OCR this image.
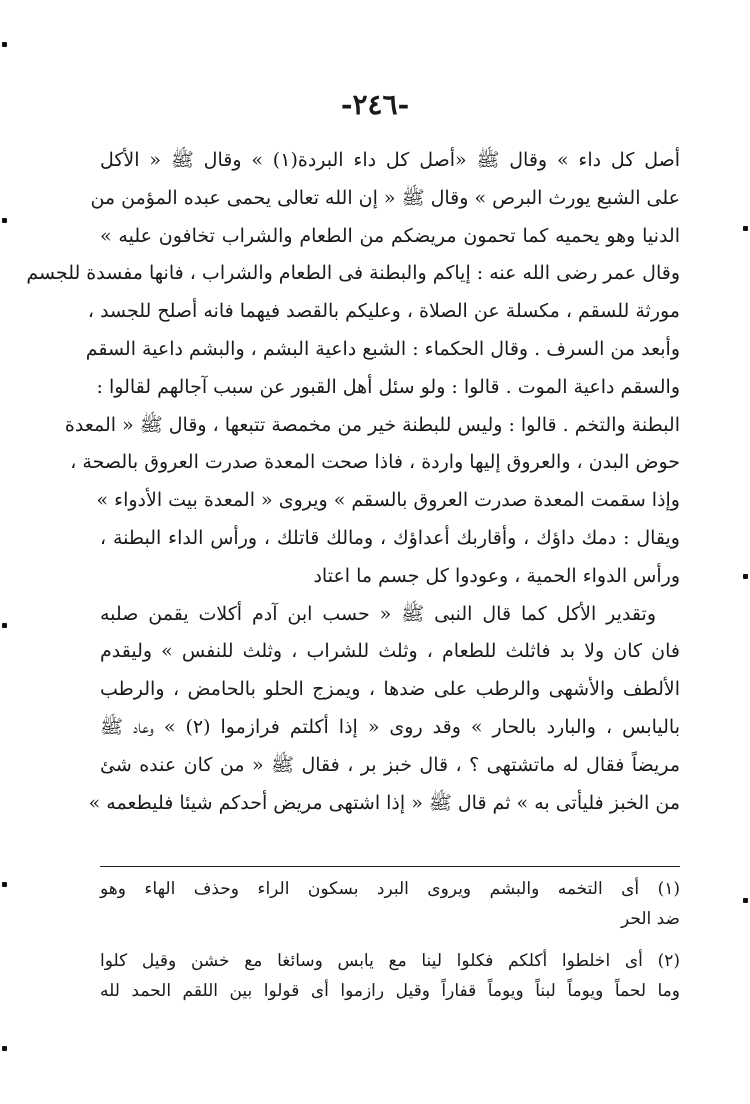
-٢٤٦-
أصل كل داء » وقال ﷺ «أصل كل داء البردة(١) » وقال ﷺ « الأكل
على الشبع يورث البرص » وقال ﷺ « إن الله تعالى يحمى عبده المؤمن من
الدنيا وهو يحميه كما تحمون مريضكم من الطعام والشراب تخافون عليه »
وقال عمر رضى الله عنه : إياكم والبطنة فى الطعام والشراب ، فانها مفسدة للجسم
مورثة للسقم ، مكسلة عن الصلاة ، وعليكم بالقصد فيهما فانه أصلح للجسد ،
وأبعد من السرف . وقال الحكماء : الشبع داعية البشم ، والبشم داعية السقم
والسقم داعية الموت . قالوا : ولو سئل أهل القبور عن سبب آجالهم لقالوا :
البطنة والتخم . قالوا : وليس للبطنة خير من مخمصة تتبعها ، وقال ﷺ « المعدة
حوض البدن ، والعروق إليها واردة ، فاذا صحت المعدة صدرت العروق بالصحة ،
وإذا سقمت المعدة صدرت العروق بالسقم » ويروى « المعدة بيت الأدواء »
ويقال : دمك داؤك ، وأقاربك أعداؤك ، ومالك قاتلك ، ورأس الداء البطنة ،
ورأس الدواء الحمية ، وعودوا كل جسم ما اعتاد
وتقدير الأكل كما قال النبى ﷺ « حسب ابن آدم أكلات يقمن صلبه
فان كان ولا بد فاثلث للطعام ، وثلث للشراب ، وثلث للنفس » وليقدم
الألطف والأشهى والرطب على ضدها ، ويمزج الحلو بالحامض ، والرطب
باليابس ، والبارد بالحار » وقد روى « إذا أكلتم فرازموا (٢) » وعاد ﷺ
مريضاً فقال له ماتشتهى ؟ ، قال خبز بر ، فقال ﷺ « من كان عنده شئ
من الخبز فليأتى به » ثم قال ﷺ « إذا اشتهى مريض أحدكم شيئا فليطعمه »
(١) أى التخمه والبشم ويروى البرد بسكون الراء وحذف الهاء وهو
ضد الحر
(٢) أى اخلطوا أكلكم فكلوا لينا مع يابس وسائغا مع خشن وقيل كلوا
وما لحماً ويوماً لبناً ويوماً قفاراً وقيل رازموا أى قولوا بين اللقم الحمد لله
